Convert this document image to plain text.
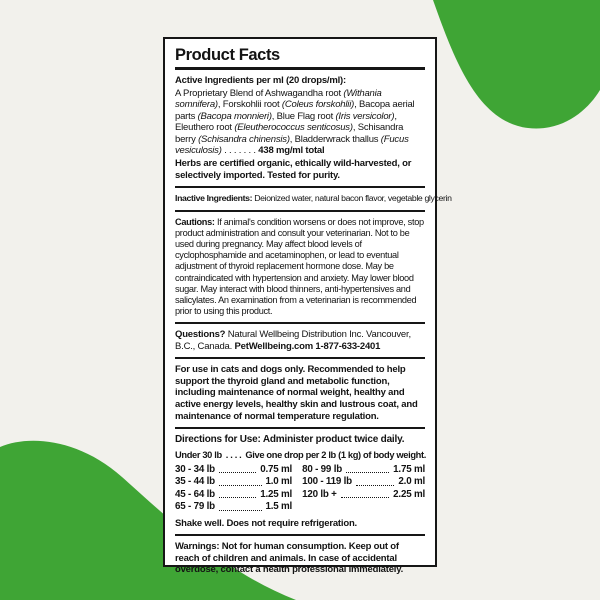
Product Facts

Active Ingredients per ml (20 drops/ml):

A Proprietary Blend of Ashwagandha root (Withania somnifera), Forskohlii root (Coleus forskohlii), Bacopa aerial parts (Bacopa monnieri), Blue Flag root (Iris versicolor), Eleuthero root (Eleutherococcus senticosus), Schisandra berry (Schisandra chinensis), Bladderwrack thallus (Fucus vesiculosis) . . . . . . . 438 mg/ml total

Herbs are certified organic, ethically wild-harvested, or selectively imported. Tested for purity.

Inactive Ingredients: Deionized water, natural bacon flavor, vegetable glycerin

Cautions: If animal's condition worsens or does not improve, stop product administration and consult your veterinarian. Not to be used during pregnancy. May affect blood levels of cyclophosphamide and acetaminophen, or lead to eventual adjustment of thyroid replacement hormone dose. May be contraindicated with hypertension and anxiety. May lower blood sugar. May interact with blood thinners, anti-hypertensives and salicylates. An examination from a veterinarian is recommended prior to using this product.

Questions? Natural Wellbeing Distribution Inc. Vancouver, B.C., Canada. PetWellbeing.com 1-877-633-2401

For use in cats and dogs only. Recommended to help support the thyroid gland and metabolic function, including maintenance of normal weight, healthy and active energy levels, healthy skin and lustrous coat, and maintenance of normal temperature regulation.

Directions for Use: Administer product twice daily.

Under 30 lb . . . . Give one drop per 2 lb (1 kg) of body weight.
30 - 34 lb	0.75 ml
35 - 44 lb	1.0 ml
45 - 64 lb	1.25 ml
65 - 79 lb	1.5 ml
80 - 99 lb	1.75 ml
100 - 119 lb	2.0 ml
120 lb +	2.25 ml

Shake well. Does not require refrigeration.

Warnings: Not for human consumption. Keep out of reach of children and animals. In case of accidental overdose, contact a health professional immediately.
